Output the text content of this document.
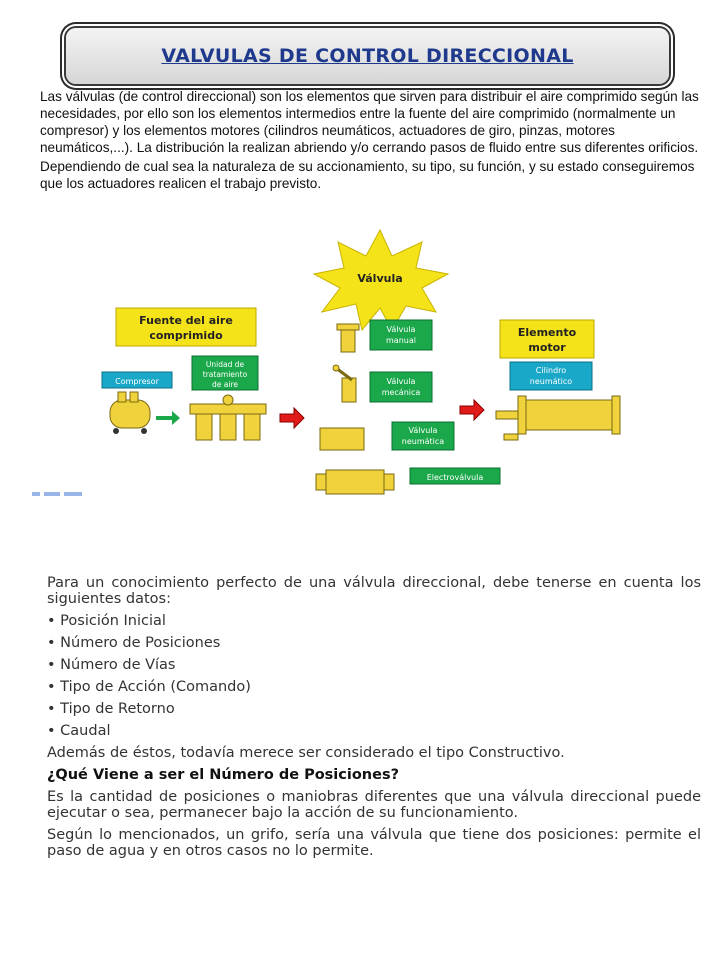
VALVULAS DE CONTROL DIRECCIONAL

Las válvulas (de control direccional) son los elementos que sirven para distribuir el aire comprimido según las necesidades, por ello son los elementos intermedios entre la fuente del aire comprimido (normalmente un compresor) y los elementos motores (cilindros neumáticos, actuadores de giro, pinzas, motores neumáticos,...). La distribución la realizan abriendo y/o cerrando pasos de fluido entre sus diferentes orificios.

Dependiendo de cual sea la naturaleza de su accionamiento, su tipo, su función, y su estado conseguiremos que los actuadores realicen el trabajo previsto.

Válvula
Fuente del aire
comprimido
Compresor
Unidad de
tratamiento
de aire
Válvula
manual
Válvula
mecánica
Válvula
neumática
Electroválvula
Elemento
motor
Cilindro
neumático

Para un conocimiento perfecto de una válvula direccional, debe tenerse en cuenta los siguientes datos:

• Posición Inicial
• Número de Posiciones
• Número de Vías
• Tipo de Acción (Comando)
• Tipo de Retorno
• Caudal

Además de éstos, todavía merece ser considerado el tipo Constructivo.

¿Qué Viene a ser el Número de Posiciones?

Es la cantidad de posiciones o maniobras diferentes que una válvula direccional puede ejecutar o sea, permanecer bajo la acción de su funcionamiento.

Según lo mencionados, un grifo, sería una válvula que tiene dos posiciones: permite el paso de agua y en otros casos no lo permite.
